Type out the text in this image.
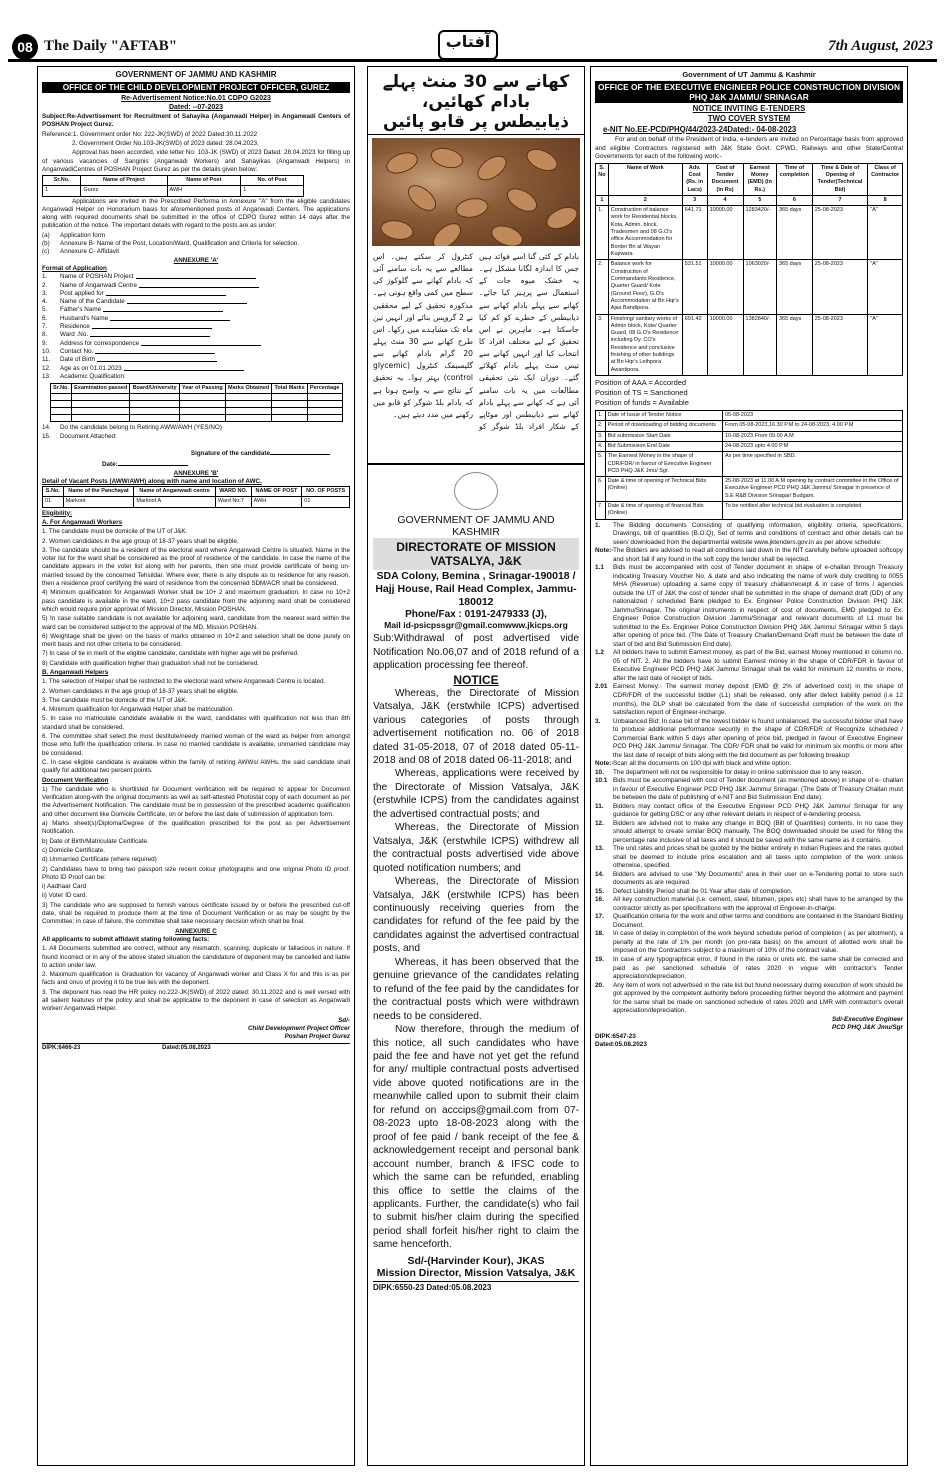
08 The Daily "AFTAB"	آفتاب	7th August, 2023
GOVERNMENT OF JAMMU AND KASHMIR
OFFICE OF THE CHILD DEVELOPMENT PROJECT OFFICER, GUREZ
Re-Advertisement Notice:No.01 CDPO G2023
Dated: --07-2023

Subject:Re-Advertisement for Recruitment of Sahayika (Anganwadi Helper) in Anganwadi Centers of POSHAN Project Gurez.

Reference:1. Government order No: 222-JK(SWD) of 2022 Dated:30.11.2022

2. Government Order No.103-JK(SWD) of 2023 dated: 28.04.2023.

Approval has been accorded, vide letter No: 103-JK (SWD) of 2023 Dated: 28.04.2023 for filling up of various vacancies of Sanginis (Anganwadi Workers) and Sahayikas (Anganwadi Helpers) in AnganwadiCentres of POSHAN Project Gurez as per the details given below:

Sr.No.	Name of Project	Name of Post	No. of Post
1	Gurez	AWH	1

Applications are invited in the Prescribed Performa in Annexure "A" from the eligible candidates Anganwadi Helper on Honorarium basis for aforementioned posts of Anganwadi Centers. The applications along with required documents shall be submitted in the office of CDPO Gurez within 14 days after the publication of the notice. The important details with regard to the posts are as under:

(a)	Application form
(b)	Annexure B- Name of the Post, Location/Ward, Qualification and Criteria for selection.
(c)	Annexure C- Affidavit
ANNEXURE 'A'
Format of Application
1.	Name of POSHAN Project
2.	Name of Anganwadi Centre
3.	Post applied for
4.	Name of the Candidate
5.	Father's Name
6.	Husband's Name
7.	Residence
8.	Ward .No.
9.	Address for correspondence
10.	Contact No.
11.	Date of Birth
12.	Age as on 01.01.2023
13.	Academic Qualification:
Sr.No.	Examination passed	Board/University	Year of Passing	Marks Obtained	Total Marks	Percentage

14.	Do the candidate belong to Retiring AWW/AWH (YES/NO)
15.	Document Attached:
Signature of the candidate
Date:
ANNEXURE 'B'
Detail of Vacant Posts (AWW/AWH) along with name and location of AWC.
S.No.	Name of the Panchayat	Name of Anganwadi centre	WARD NO.	NAME OF POST	NO. OF POSTS
01	Markoot	Markoot A	Ward No:7	AWH	01
Eligibility:

A. For Anganwadi Workers

1. The candidate must be domicile of the UT of J&K.

2. Women candidates in the age group of 18-37 years shall be eligible.

3. The candidate should be a resident of the electoral ward where Anganwadi Centre is situated. Name in the voter list for the ward shall be considered as the proof of residence of the candidate. In case the name of the candidate appears in the voter list along with her parents, then she must provide certificate of being un-married issued by the concerned Tehsildar. Where ever, there is any dispute as to residence for any reason, then a residence proof certifying the ward of residence from the concerned SDM/ACR shall be considered.

4) Minimum qualification for Anganwadi Worker shall be 10+ 2 and maximum graduation. In case no 10+2 pass candidate is available in the ward, 10+2 pass candidate from the adjoining ward shall be considered which would require prior approval of Mission Director, Mission POSHAN.

5) In case suitable candidate is not available for adjoining ward, candidate from the nearest ward within the ward can be considered subject to the approval of the MD, Mission POSHAN.

6) Weightage shall be given on the basis of marks obtained in 10+2 and selection shall be done purely on merit basis and not other criteria to be considered.

7) In case of tie in merit of the eligible candidate, candidate with higher age will be preferred.

8) Candidate with qualification higher than graduation shall not be considered.

B. Anganwadi Helpers

1. The selection of Helper shall be restricted to the electoral ward where Anganwadi Centre is located.

2. Women candidates in the age group of 18-37 years shall be eligible.

3. The candidate must be domicile of the UT of J&K.

4. Minimum qualification for Anganwadi Helper shall be matriculation.

5. In case no matriculate candidate available in the ward, candidates with qualification not less than 8th standard shall be considered.

6. The committee shall select the most destitute/needy married woman of the ward as helper from amongst those who fulfil the qualification criteria. In case no married candidate is available, unmarried candidate may be considered.

C. In case eligible candidate is available within the family of retiring AWWs/ AWHs, the said candidate shall qualify for additional two percent points.

Document Verification

1) The candidate who is shortlisted for Document verification will be required to appear for Document Verification along-with the original documents as well as self-attested Photostat copy of each document as per the Advertisement Notification. The candidate must be in possession of the prescribed academic qualification and other document like Domicile Certificate, on or before the last date of submission of application form.

a) Marks sheet(s)/Diploma/Degree of the qualification prescribed for the post as per Advertisement Notification.

b) Date of Birth/Matriculate Certificate.

c) Domicile Certificate.

d) Unmarried Certificate (where required)

2) Candidates have to bring two passport size recent colour photographs and one original Photo ID proof. Photo ID Proof can be:

i) Aadhaar Card

ii) Voter ID card.

3) The candidate who are supposed to furnish various certificate issued by or before the prescribed cut-off date, shall be required to produce them at the time of Document Verification or as may be sought by the Committee; in case of failure, the committee shall take necessary decision which shall be final.

ANNEXURE C
All applicants to submit affidavit stating following facts:

1. All Documents submitted are correct, without any mismatch, scanning, duplicate or fallacious in nature. If found incorrect or in any of the above stated situation the candidature of deponent may be cancelled and liable to action under law.

2. Maximum qualification is Graduation for vacancy of Anganwadi worker and Class X for and this is as per facts and onus of proving it to be true lies with the deponent.

3. The deponent has read the HR policy no.222-JK(SWD) of 2022 dated: 30.11.2022 and is well versed with all salient features of the policy and shall be applicable to the deponent in case of selection as Anganwadi worker/ Anganwadi Helper.

Sd/-
Child Development Project Officer
Poshan Project Gurez
DIPK:6466-23	Dated:05.08.2023
کھانے سے 30 منٹ پہلے بادام کھائیں،
ذیابیطس پر قابو پائیں
بادام کے کئی گنا اسے فوائد ہیں جس کا اندازہ لگانا مشکل ہے۔ یہ خشک میوہ جات کے استعمال سے پرہیز کیا جائے۔ کھانے سے پہلے بادام کھانے سے ذیابیطس کے خطرے کو کم کیا جاسکتا ہے۔ ماہرین نے اس تحقیق کے لیے مختلف افراد کا انتخاب کیا اور انہیں کھانے سے تیس منٹ پہلے بادام کھلائے گئے۔ دوران ایک نئی تحقیقی مطالعات میں یہ بات سامنے آئی ہے کہ کھانے سے پہلے بادام کھانے سے ذیابیطس اور موٹاپے کے شکار افراد بلڈ شوگر کو کنٹرول کر سکتے ہیں۔ اس مطالعے سے یہ بات سامنے آئی کہ بادام کھانے سے گلوکوز کی سطح میں کمی واقع ہوتی ہے۔ مذکورہ تحقیق کے لیے محققین نے 2 گروپس بنائے اور انہیں تین ماہ تک مشاہدے میں رکھا۔ اس طرح کھانے سے 30 منٹ پہلے 20 گرام بادام کھانے سے گلیسیمک کنٹرول (glycemic control) بہتر ہوا۔ یہ تحقیق کے نتائج سے یہ واضح ہوتا ہے کہ بادام بلڈ شوگر کو قابو میں رکھنے میں مدد دیتے ہیں۔
GOVERNMENT OF JAMMU AND
KASHMIR
DIRECTORATE OF MISSION VATSALYA, J&K
SDA Colony, Bemina , Srinagar-190018 / Hajj House, Rail Head Complex, Jammu-180012
Phone/Fax : 0191-2479333 (J),
Mail id-psicpssgr@gmail.comwww.jkicps.org
Sub:Withdrawal of post advertised vide Notification No.06,07 and of 2018 refund of a application processing fee thereof.
NOTICE

Whereas, the Directorate of Mission Vatsalya, J&K (erstwhile ICPS) advertised various categories of posts through advertisement notification no. 06 of 2018 dated 31-05-2018, 07 of 2018 dated 05-11-2018 and 08 of 2018 dated 06-11-2018; and

Whereas, applications were received by the Directorate of Mission Vatsalya, J&K (erstwhile ICPS) from the candidates against the advertised contractual posts; and

Whereas, the Directorate of Mission Vatsalya, J&K (erstwhile ICPS) withdrew all the contractual posts advertised vide above quoted notification numbers; and

Whereas, the Directorate of Mission Vatsalya, J&K (erstwhile ICPS) has been continuously receiving queries from the candidates for refund of the fee paid by the candidates against the advertised contractual posts, and

Whereas, it has been observed that the genuine grievance of the candidates relating to refund of the fee paid by the candidates for the contractual posts which were withdrawn needs to be considered.

Now therefore, through the medium of this notice, all such candidates who have paid the fee and have not yet get the refund for any/ multiple contractual posts advertised vide above quoted notifications are in the meanwhile called upon to submit their claim for refund on acccips@gmail.com from 07-08-2023 upto 18-08-2023 along with the proof of fee paid / bank receipt of the fee & acknowledgement receipt and personal bank account number, branch & IFSC code to which the same can be refunded, enabling this office to settle the claims of the applicants. Further, the candidate(s) who fail to submit his/her claim during the specified period shall forfeit his/her right to claim the same henceforth.

Sd/-(Harvinder Kour), JKAS
Mission Director, Mission Vatsalya, J&K
DIPK:6550-23 Dated:05.08.2023
Government of UT Jammu & Kashmir
OFFICE OF THE EXECUTIVE ENGINEER POLICE CONSTRUCTION DIVISION PHQ J&K JAMMU/ SRINAGAR
NOTICE INVITING E-TENDERS
TWO COVER SYSTEM
e-NIT No.EE-PCD/PHQ/44/2023-24Dated:- 04-08-2023

For and on behalf of the President of India, e-tenders are invited on Percentage basis from approved and eligible Contractors registered with J&K State Govt. CPWD, Railways and other State/Central Governments for each of the following work:-

S. No	Name of Work	Adv. Cost (Rs. in Lacs)	Cost of Tender Document (in Rs)	Earnest Money (EMD) (in Rs.)	Time of completion	Time & Date of Opening of Tender(Technical Bid)	Class of Contractor
1	2	3	4	5	6	7	8
1.	Construction of balance work for Residential blocks, Kota, Admin. block, Tradesmen and 08 G.O's office Accommodation for Border Bn at Wayan Kupwara	641.71	10000.00	1283420/-	365 days	25-08-2023	"A"
2.	Balance work for Construction of Commandants Residence, Quarter Guard/ Kote (Ground Floor), G.O's Accommodation at Bn Hqr's Ajas Bandipora.	531.51	10000.00	1063020/-	365 days	25-08-2023	"A"
3.	Finishing/ sanitary works of Admin block, Kote/ Quarter Guard, 08 G.O's Residence including Dy. CO's Residence and conclusive finishing of other buildings at Bn Hqr's Lethpora Awantipora.	691.42	10000.00	1382840/-	365 days	25-08-2023	"A"
Position of AAA = Accorded
Position of TS = Sanctioned
Position of funds = Available
1.	Date of Issue of Tender Notice	05-08-2023
2.	Period of downloading of bidding documents	From 05-08-2023,16.30 P.M to 24-08-2023, 4.00 P.M
3.	Bid submission Start Date	10-08-2023 From 09.00 A.M
4.	Bid Submission End Date	24-08-2023 upto 4.00 P.M
5.	The Earnest Money in the shape of CDR/FDR/ in favour of Executive Engineer PCD PHQ J&K Jmu/ Sgr.	As per time specified in SBD.
6.	Date & time of opening of Technical Bids (Online)	25-08-2023 at 11.00 A.M opening by contract committee in the Office of Executive Engineer PCD PHQ J&K Jammu/ Srinagar in presence of S.E R&B Division Srinagar/ Budgam.
7.	Date & time of opening of financial Bids (Online)	To be notified after technical bid evaluation is completed
1.	The Bidding documents Consisting of qualifying information, eligibility criteria, specifications, Drawings, bill of quantities (B.O.Q), Set of terms and conditions of contract and other details can be seen/ downloaded from the departmental website www.jktenders.gov.in as per above schedule:
Note:- The Bidders are advised to read all conditions laid down in the NIT carefully before uploaded softcopy and short fall if any found in the soft copy the tender shall be rejected.
1.1	Bids must be accompanied with cost of Tender document in shape of e-challan through Treasury indicating Treasury Voucher No. & date and also indicating the name of work duly crediting to 0055 MHA (Revenue) uploading a same copy of treasury challan/receipt & in case of firms / agencies outside the UT of J&K the cost of tender shall be submitted in the shape of demand draft (DD) of any nationalized / scheduled Bank pledged to Ex. Engineer Police Construction Division PHQ J&K Jammu/Srinagar. The original instruments in respect of cost of documents, EMD pledged to Ex. Engineer Police Construction Division Jammu/Srinagar and relevant documents of L1 must be submitted to the Ex. Engineer Police Construction Division PHQ J&K Jammu/ Srinagar within 5 days after opening of price bid. (The Date of Treasury Challan/Demand Draft must be between the date of start of bid and Bid Submission End date).
1.2	All bidders have to submit Earnest money, as part of the Bid, earnest Money mentioned in column no. 05 of NIT. 2. All the bidders have to submit Earnest money in the shape of CDR/FDR in favour of Executive Engineer PCD PHQ J&K Jammu/ Srinagar shall be valid for minimum 12 months or more, after the last date of receipt of bids.
2.01 Earnest Money:- The earnest money deposit (EMD @ 2% of advertised cost) in the shape of CDR/FDR of the successful bidder (L1) shall be released, only after defect liability period (i.e 12 months), the DLP shall be calculated from the date of successful completion of the work on the satisfaction report of Engineer-incharge.
3.	Unbalanced Bid: In case bid of the lowest bidder is found unbalanced, the successful bidder shall have to produce additional performance security in the shape of CDR/FDR of Recognize scheduled / Commercial Bank within 5 days after opening of price bid, pledged in favour of Executive Engineer PCD PHQ J&K Jammu/ Srinagar. The CDR/ FDR shall be valid for minimum six months or more after the last date of receipt of bids along with the bid document as per following breakup:
Note:- Scan all the documents on 100 dpi with black and white option.
10.	The department will not be responsible for delay in online submission due to any reason.
10.1 Bids must be accompanied with cost of Tender document (as mentioned above) in shape of e- challan in favour of Executive Engineer PCD PHQ J&K Jammu/ Srinagar. (The Date of Treasury Challan must be between the date of publishing of e-NIT and Bid Submission End date).
11.	Bidders may contact office of the Executive Engineer PCD PHQ J&K Jammu/ Srinagar for any guidance for getting DSC or any other relevant details in respect of e-tendering process.
12.	Bidders are advised not to make any change in BOQ (Bill of Quantities) contents. In no case they should attempt to create similar BOQ manually. The BOQ downloaded should be used for filling the percentage rate inclusive of all taxes and it should be saved with the same name as it contains.
13.	The unit rates and prices shall be quoted by the bidder entirely in Indian Rupees and the rates quoted shall be deemed to include price escalation and all taxes upto completion of the work unless otherwise, specified.
14.	Bidders are advised to use "My Documents" area in their user on e-Tendering portal to store such documents as are required.
15.	Defect Liability Period shall be 01 Year after date of completion.
16.	All key construction material (i.e. cement, steel, bitumen, pipes etc) shall have to be arranged by the contractor strictly as per specifications with the approval of Engineer-in-charge.
17.	Qualification criteria for the work and other terms and conditions are contained in the Standard Bidding Document.
18.	In case of delay in completion of the work beyond schedule period of completion ( as per allotment), a penalty at the rate of 1% per month (on pro-rata basis) on the amount of allotted work shall be imposed on the Contractors subject to a maximum of 10% of the contract value.
19.	In case of any typographical error, if found in the rates or units etc. the same shall be corrected and paid as per sanctioned schedule of rates 2020 in vogue with contractor's Tender appreciation/depreciation.
20.	Any item of work not advertised in the rate list but found necessary during execution of work should be got approved by the competent authority before proceeding further beyond the allotment and payment for the same shall be made on sanctioned schedule of rates 2020 and LMR with contractor's overall appreciation/depreciation.
Sd/-Executive Engineer
PCD PHQ J&K Jmu/Sgr
DIPK:6547-23
Dated:05.08.2023
